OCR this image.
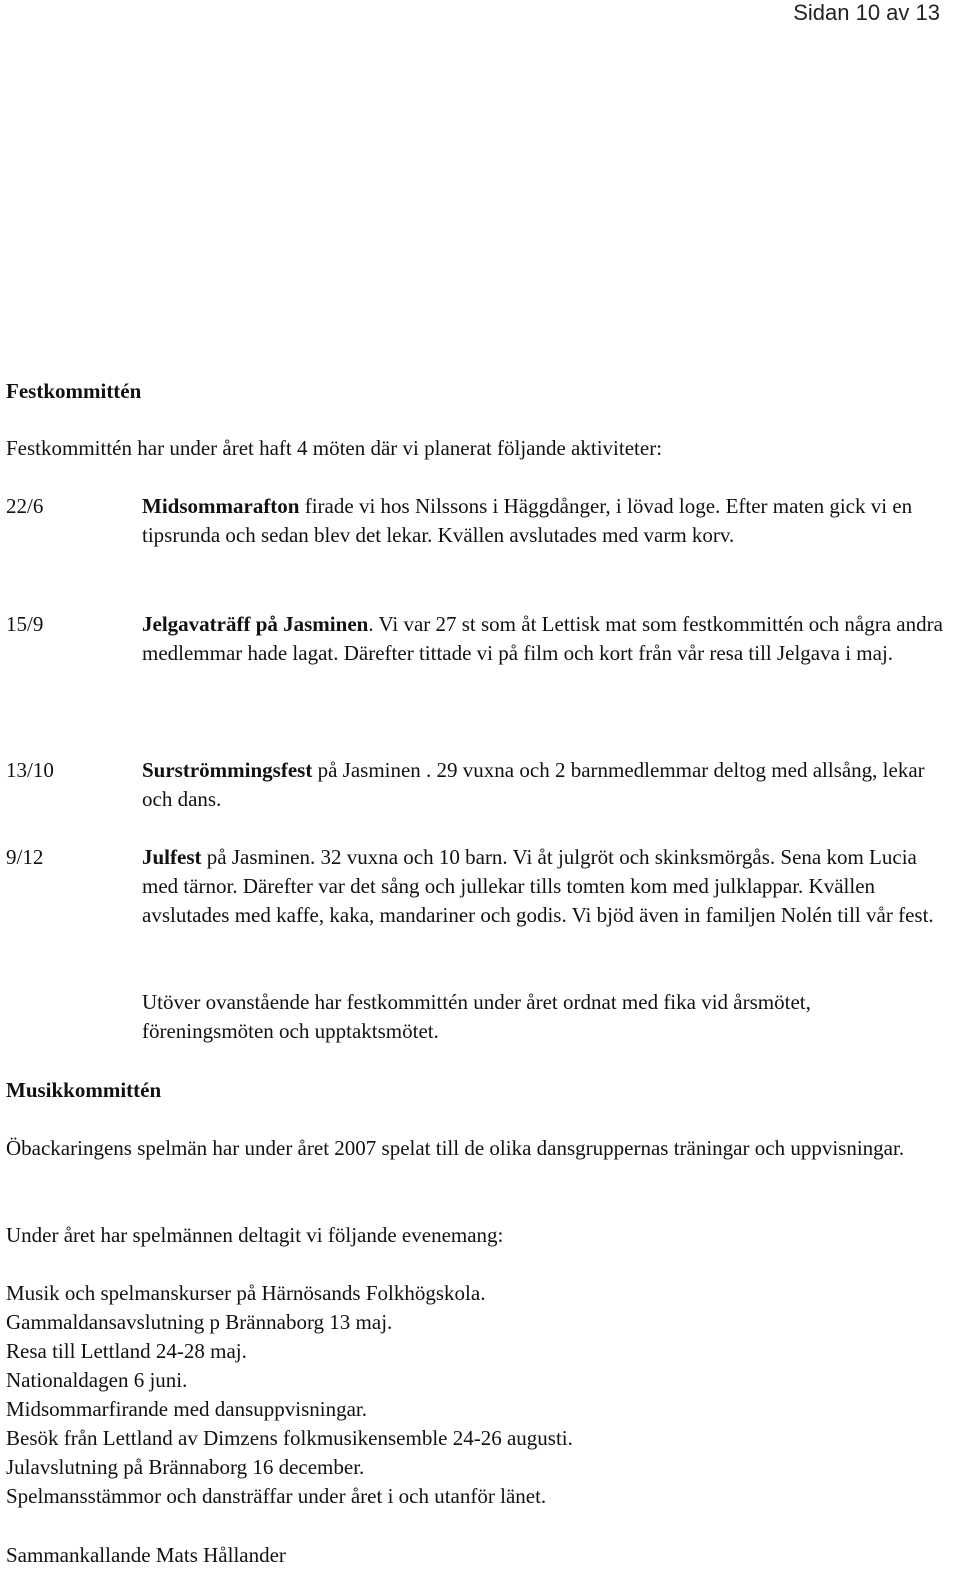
Sidan 10 av 13
Festkommittén
Festkommittén har under året haft 4 möten där vi planerat följande aktiviteter:
22/6	Midsommarafton firade vi hos Nilssons i Häggdånger, i lövad loge. Efter maten gick vi en tipsrunda och sedan blev det lekar. Kvällen avslutades med varm korv.
15/9	Jelgavaträff på Jasminen. Vi var 27 st som åt Lettisk mat som festkommittén och några andra medlemmar hade lagat. Därefter tittade vi på film och kort från vår resa till Jelgava i maj.
13/10	Surströmmingsfest på Jasminen . 29 vuxna och 2 barnmedlemmar deltog med allsång, lekar och dans.
9/12	Julfest på Jasminen. 32 vuxna och 10 barn. Vi åt julgröt och skinksmörgås. Sena kom Lucia med tärnor. Därefter var det sång och jullekar tills tomten kom med julklappar. Kvällen avslutades med kaffe, kaka, mandariner och godis. Vi bjöd även in familjen Nolén till vår fest.
Utöver ovanstående har festkommittén under året ordnat med fika vid årsmötet, föreningsmöten och upptaktsmötet.
Musikkommittén
Öbackaringens spelmän har under året 2007 spelat till de olika dansgruppernas träningar och uppvisningar.
Under året har spelmännen deltagit vi följande evenemang:
Musik och spelmanskurser på Härnösands Folkhögskola.
Gammaldansavslutning p Brännaborg 13 maj.
Resa till Lettland 24-28 maj.
Nationaldagen 6 juni.
Midsommarfirande med dansuppvisningar.
Besök från Lettland av Dimzens folkmusikensemble 24-26 augusti.
Julavslutning på Brännaborg 16 december.
Spelmansstämmor och dansträffar under året i och utanför länet.
Sammankallande Mats Hållander
